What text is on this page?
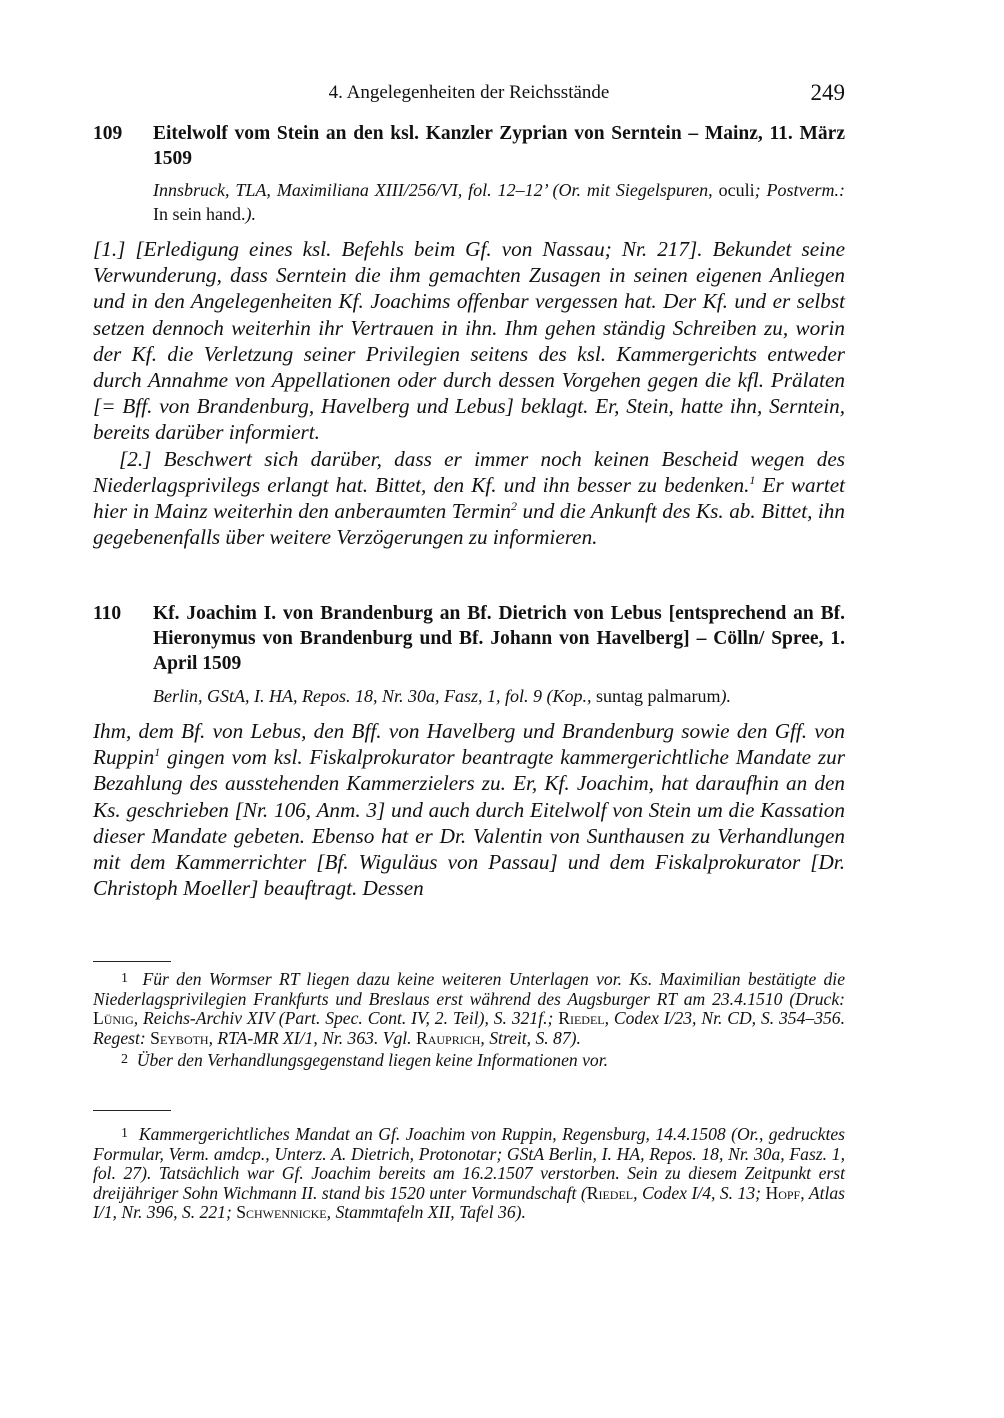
4. Angelegenheiten der Reichsstände	249
109	Eitelwolf vom Stein an den ksl. Kanzler Zyprian von Serntein – Mainz, 11. März 1509
Innsbruck, TLA, Maximiliana XIII/256/VI, fol. 12–12’ (Or. mit Siegelspuren, oculi; Postverm.: In sein hand.).

[1.] [Erledigung eines ksl. Befehls beim Gf. von Nassau; Nr. 217]. Bekundet seine Verwunderung, dass Serntein die ihm gemachten Zusagen in seinen eigenen Anliegen und in den Angelegenheiten Kf. Joachims offenbar vergessen hat. Der Kf. und er selbst setzen dennoch weiterhin ihr Vertrauen in ihn. Ihm gehen ständig Schreiben zu, worin der Kf. die Verletzung seiner Privilegien seitens des ksl. Kammergerichts entweder durch Annahme von Appellationen oder durch dessen Vorgehen gegen die kfl. Prälaten [= Bff. von Brandenburg, Havelberg und Lebus] beklagt. Er, Stein, hatte ihn, Serntein, bereits darüber informiert.

[2.] Beschwert sich darüber, dass er immer noch keinen Bescheid wegen des Niederlagsprivilegs erlangt hat. Bittet, den Kf. und ihn besser zu bedenken.$^1$ Er wartet hier in Mainz weiterhin den anberaumten Termin$^2$ und die Ankunft des Ks. ab. Bittet, ihn gegebenenfalls über weitere Verzögerungen zu informieren.

110	Kf. Joachim I. von Brandenburg an Bf. Dietrich von Lebus [entsprechend an Bf. Hieronymus von Brandenburg und Bf. Johann von Havelberg] – Cölln/ Spree, 1. April 1509
Berlin, GStA, I. HA, Repos. 18, Nr. 30a, Fasz, 1, fol. 9 (Kop., suntag palmarum).

Ihm, dem Bf. von Lebus, den Bff. von Havelberg und Brandenburg sowie den Gff. von Ruppin$^1$ gingen vom ksl. Fiskalprokurator beantragte kammergerichtliche Mandate zur Bezahlung des ausstehenden Kammerzielers zu. Er, Kf. Joachim, hat daraufhin an den Ks. geschrieben [Nr. 106, Anm. 3] und auch durch Eitelwolf von Stein um die Kassation dieser Mandate gebeten. Ebenso hat er Dr. Valentin von Sunthausen zu Verhandlungen mit dem Kammerrichter [Bf. Wiguläus von Passau] und dem Fiskalprokurator [Dr. Christoph Moeller] beauftragt. Dessen

1 Für den Wormser RT liegen dazu keine weiteren Unterlagen vor. Ks. Maximilian bestätigte die Niederlagsprivilegien Frankfurts und Breslaus erst während des Augsburger RT am 23.4.1510 (Druck: Lünig, Reichs-Archiv XIV (Part. Spec. Cont. IV, 2. Teil), S. 321f.; Riedel, Codex I/23, Nr. CD, S. 354–356. Regest: Seyboth, RTA-MR XI/1, Nr. 363. Vgl. Rauprich, Streit, S. 87).

2 Über den Verhandlungsgegenstand liegen keine Informationen vor.

1 Kammergerichtliches Mandat an Gf. Joachim von Ruppin, Regensburg, 14.4.1508 (Or., gedrucktes Formular, Verm. amdcp., Unterz. A. Dietrich, Protonotar; GStA Berlin, I. HA, Repos. 18, Nr. 30a, Fasz. 1, fol. 27). Tatsächlich war Gf. Joachim bereits am 16.2.1507 verstorben. Sein zu diesem Zeitpunkt erst dreijähriger Sohn Wichmann II. stand bis 1520 unter Vormundschaft (Riedel, Codex I/4, S. 13; Hopf, Atlas I/1, Nr. 396, S. 221; Schwennicke, Stammtafeln XII, Tafel 36).
